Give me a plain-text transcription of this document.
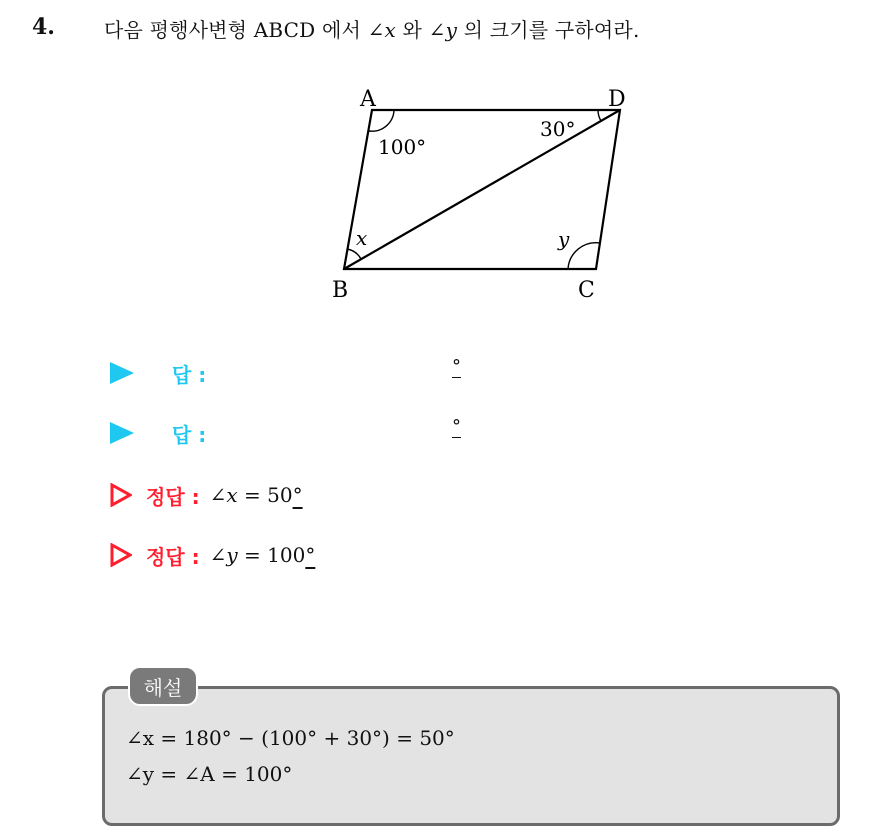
4. 다음 평행사변형 ABCD 에서 ∠x 와 ∠y 의 크기를 구하여라.
A	D
B	C
100°
30°
x	y
답 :	°
답 :	°
정답 : ∠x = 50°
정답 : ∠y = 100°
해설
∠x = 180° − (100° + 30°) = 50°
∠y = ∠A = 100°
